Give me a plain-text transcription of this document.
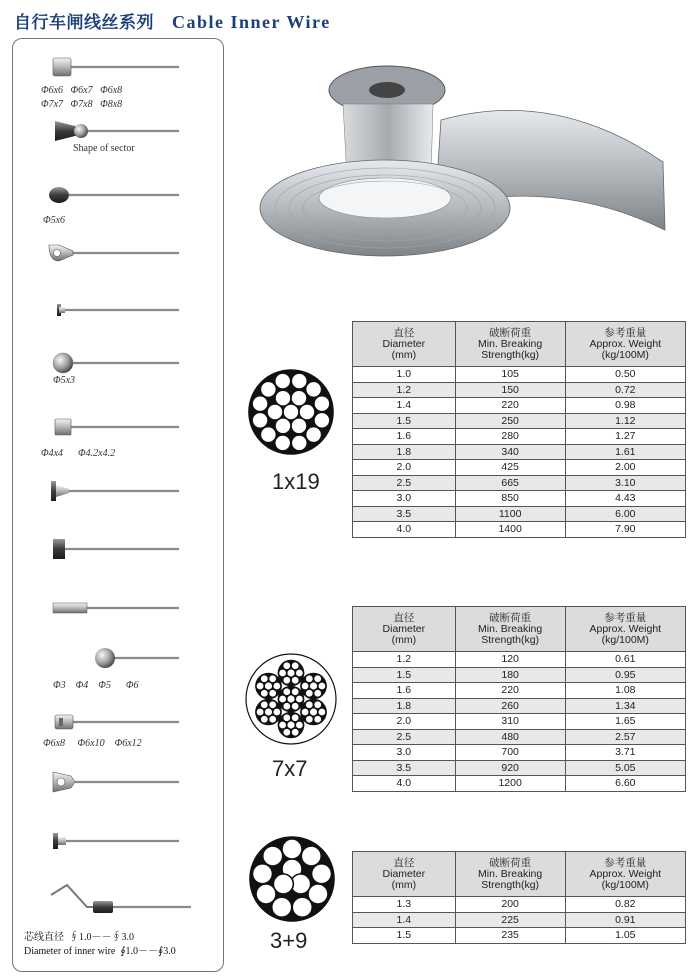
自行车闸线丝系列 Cable Inner Wire
Φ6x6   Φ6x7   Φ6x8
Φ7x7   Φ7x8   Φ8x8
Shape of sector
Φ5x6
Φ5x3
Φ4x4      Φ4.2x4.2
Φ3    Φ4    Φ5      Φ6
Φ6x8     Φ6x10    Φ6x12
芯线直径  ∮1.0－－∮3.0
Diameter of inner wire  ∮1.0－－∮3.0
1x19
直径
Diameter
(mm)	破断荷重
Min. Breaking
Strength(kg)	参考重量
Approx. Weight
(kg/100M)
1.0	105	0.50
1.2	150	0.72
1.4	220	0.98
1.5	250	1.12
1.6	280	1.27
1.8	340	1.61
2.0	425	2.00
2.5	665	3.10
3.0	850	4.43
3.5	1100	6.00
4.0	1400	7.90
7x7
直径
Diameter
(mm)	破断荷重
Min. Breaking
Strength(kg)	参考重量
Approx. Weight
(kg/100M)
1.2	120	0.61
1.5	180	0.95
1.6	220	1.08
1.8	260	1.34
2.0	310	1.65
2.5	480	2.57
3.0	700	3.71
3.5	920	5.05
4.0	1200	6.60
3+9
直径
Diameter
(mm)	破断荷重
Min. Breaking
Strength(kg)	参考重量
Approx. Weight
(kg/100M)
1.3	200	0.82
1.4	225	0.91
1.5	235	1.05
